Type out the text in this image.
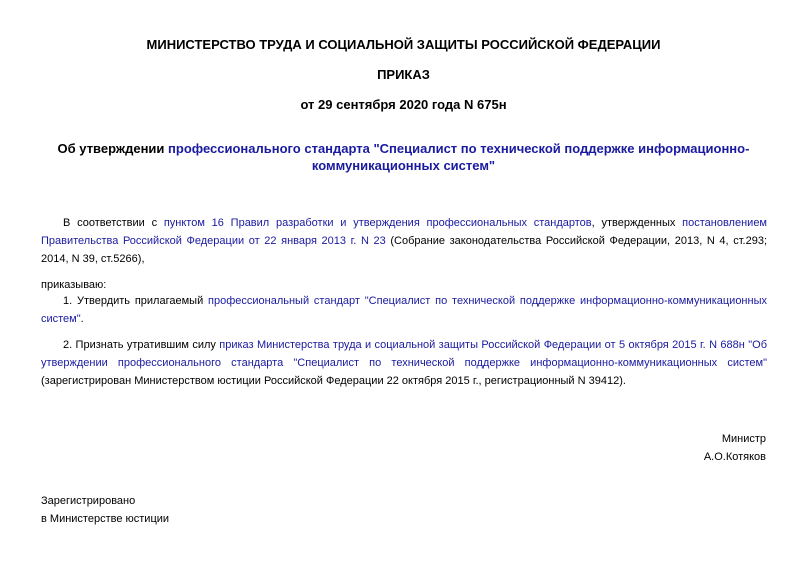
МИНИСТЕРСТВО ТРУДА И СОЦИАЛЬНОЙ ЗАЩИТЫ РОССИЙСКОЙ ФЕДЕРАЦИИ
ПРИКАЗ
от 29 сентября 2020 года N 675н
Об утверждении профессионального стандарта "Специалист по технической поддержке информационно-
коммуникационных систем"
В соответствии с пунктом 16 Правил разработки и утверждения профессиональных стандартов, утвержденных постановлением Правительства Российской Федерации от 22 января 2013 г. N 23 (Собрание законодательства Российской Федерации, 2013, N 4, ст.293; 2014, N 39, ст.5266),
приказываю:
1. Утвердить прилагаемый профессиональный стандарт "Специалист по технической поддержке информационно-коммуникационных систем".
2. Признать утратившим силу приказ Министерства труда и социальной защиты Российской Федерации от 5 октября 2015 г. N 688н "Об утверждении профессионального стандарта "Специалист по технической поддержке информационно-коммуникационных систем" (зарегистрирован Министерством юстиции Российской Федерации 22 октября 2015 г., регистрационный N 39412).
Министр
А.О.Котяков
Зарегистрировано
в Министерстве юстиции
